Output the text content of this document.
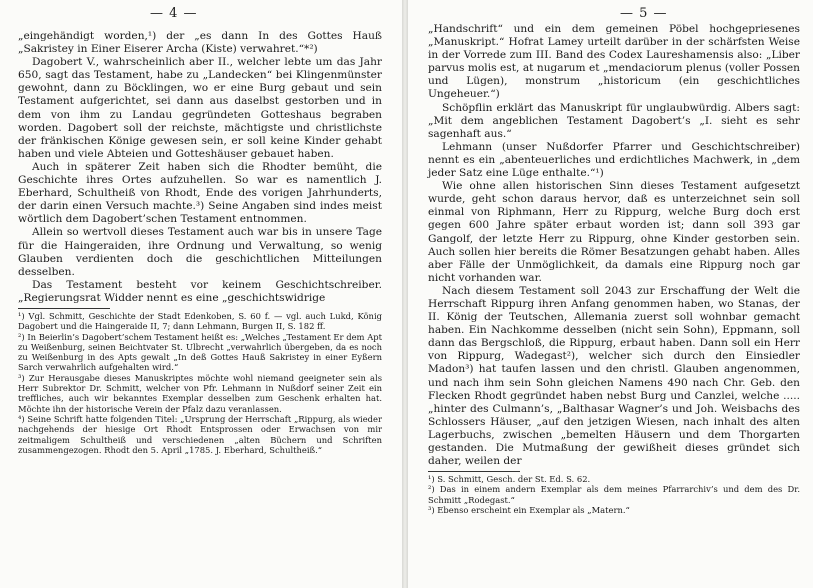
— 4 —

„eingehändigt worden,¹) der „es dann In des Gottes Hauß „Sakristey in Einer Eiserer Archa (Kiste) verwahret.“*²)

Dagobert V., wahrscheinlich aber II., welcher lebte um das Jahr 650, sagt das Testament, habe zu „Landecken“ bei Klingenmünster gewohnt, dann zu Böcklingen, wo er eine Burg gebaut und sein Testament aufgerichtet, sei dann aus daselbst gestorben und in dem von ihm zu Landau gegründeten Gotteshaus begraben worden. Dagobert soll der reichste, mächtigste und christlichste der fränkischen Könige gewesen sein, er soll keine Kinder gehabt haben und viele Abteien und Gotteshäuser gebauet haben.

Auch in späterer Zeit haben sich die Rhodter bemüht, die Geschichte ihres Ortes aufzuhellen. So war es namentlich J. Eberhard, Schultheiß von Rhodt, Ende des vorigen Jahrhunderts, der darin einen Versuch machte.³) Seine Angaben sind indes meist wörtlich dem Dagobert’schen Testament entnommen.

Allein so wertvoll dieses Testament auch war bis in unsere Tage für die Haingeraiden, ihre Ordnung und Verwaltung, so wenig Glauben verdienten doch die geschichtlichen Mitteilungen desselben.

Das Testament besteht vor keinem Geschichtschreiber. „Regierungsrat Widder nennt es eine „geschichtswidrige

¹) Vgl. Schmitt, Geschichte der Stadt Edenkoben, S. 60 f. — vgl. auch Lukd, König Dagobert und die Haingeraide II, 7; dann Lehmann, Burgen II, S. 182 ff.

²) In Beierlin’s Dagobert’schem Testament heißt es: „Welches „Testament Er dem Apt zu Weißenburg, seinen Beichtvater St. Ulbrecht „verwahrlich übergeben, da es noch zu Weißenburg in des Apts gewalt „In deß Gottes Hauß Sakristey in einer Eyßern Sarch verwahrlich aufgehalten wird.“

³) Zur Herausgabe dieses Manuskriptes möchte wohl niemand geeigneter sein als Herr Subrektor Dr. Schmitt, welcher von Pfr. Lehmann in Nußdorf seiner Zeit ein treffliches, auch wir bekanntes Exemplar desselben zum Geschenk erhalten hat. Möchte ihn der historische Verein der Pfalz dazu veranlassen.

⁴) Seine Schrift hatte folgenden Titel: „Ursprung der Herrschaft „Rippurg, als wieder nachgehends der hiesige Ort Rhodt Entsprossen oder Erwachsen von mir zeitmaligem Schultheiß und verschiedenen „alten Büchern und Schriften zusammengezogen. Rhodt den 5. April „1785. J. Eberhard, Schultheiß.“

— 5 —

„Handschrift“ und ein dem gemeinen Pöbel hochgepriesenes „Manuskript.“ Hofrat Lamey urteilt darüber in der schärfsten Weise in der Vorrede zum III. Band des Codex Laureshamensis also: „Liber parvus molis est, at nugarum et „mendaciorum plenus (voller Possen und Lügen), monstrum „historicum (ein geschichtliches Ungeheuer.“)

Schöpflin erklärt das Manuskript für unglaubwürdig. Albers sagt: „Mit dem angeblichen Testament Dagobert’s „I. sieht es sehr sagenhaft aus.“

Lehmann (unser Nußdorfer Pfarrer und Geschichtschreiber) nennt es ein „abenteuerliches und erdichtliches Machwerk, in „dem jeder Satz eine Lüge enthalte.“¹)

Wie ohne allen historischen Sinn dieses Testament aufgesetzt wurde, geht schon daraus hervor, daß es unterzeichnet sein soll einmal von Riphmann, Herr zu Rippurg, welche Burg doch erst gegen 600 Jahre später erbaut worden ist; dann soll 393 gar Gangolf, der letzte Herr zu Rippurg, ohne Kinder gestorben sein. Auch sollen hier bereits die Römer Besatzungen gehabt haben. Alles aber Fälle der Unmöglichkeit, da damals eine Rippurg noch gar nicht vorhanden war.

Nach diesem Testament soll 2043 zur Erschaffung der Welt die Herrschaft Rippurg ihren Anfang genommen haben, wo Stanas, der II. König der Teutschen, Allemania zuerst soll wohnbar gemacht haben. Ein Nachkomme desselben (nicht sein Sohn), Eppmann, soll dann das Bergschloß, die Rippurg, erbaut haben. Dann soll ein Herr von Rippurg, Wadegast²), welcher sich durch den Einsiedler Madon³) hat taufen lassen und den christl. Glauben angenommen, und nach ihm sein Sohn gleichen Namens 490 nach Chr. Geb. den Flecken Rhodt gegründet haben nebst Burg und Canzlei, welche ..... „hinter des Culmann’s, „Balthasar Wagner’s und Joh. Weisbachs des Schlossers Häuser, „auf den jetzigen Wiesen, nach inhalt des alten Lagerbuchs, zwischen „bemelten Häusern und dem Thorgarten gestanden. Die Mutmaßung der gewißheit dieses gründet sich daher, weilen der

¹) S. Schmitt, Gesch. der St. Ed. S. 62.

²) Das in einem andern Exemplar als dem meines Pfarrarchiv’s und dem des Dr. Schmitt „Rodegast.“

³) Ebenso erscheint ein Exemplar als „Matern.“
